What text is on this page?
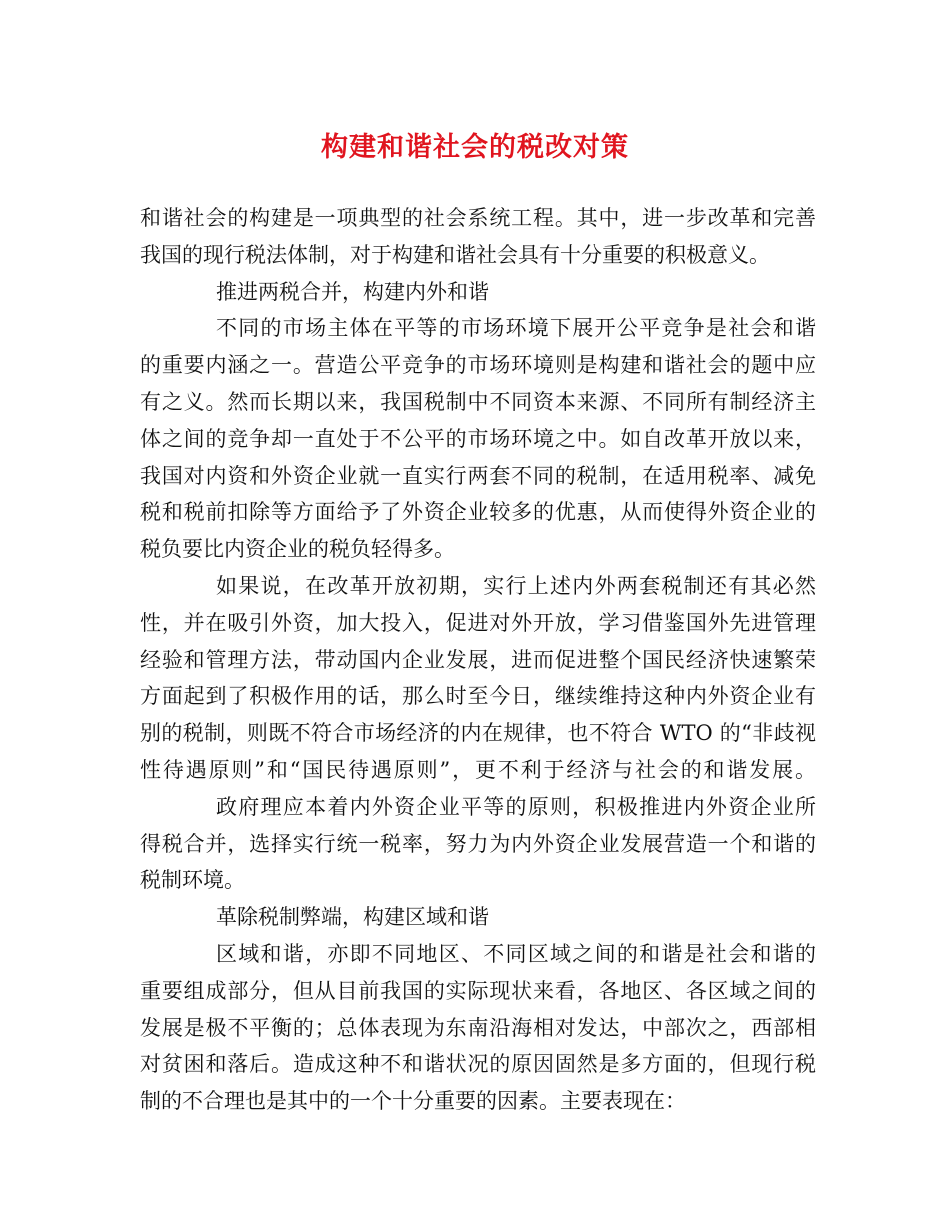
构建和谐社会的税改对策
和谐社会的构建是一项典型的社会系统工程。其中，进一步改革和完善
我国的现行税法体制，对于构建和谐社会具有十分重要的积极意义。
推进两税合并，构建内外和谐
不同的市场主体在平等的市场环境下展开公平竞争是社会和谐
的重要内涵之一。营造公平竞争的市场环境则是构建和谐社会的题中应
有之义。然而长期以来，我国税制中不同资本来源、不同所有制经济主
体之间的竞争却一直处于不公平的市场环境之中。如自改革开放以来，
我国对内资和外资企业就一直实行两套不同的税制，在适用税率、减免
税和税前扣除等方面给予了外资企业较多的优惠，从而使得外资企业的
税负要比内资企业的税负轻得多。
如果说，在改革开放初期，实行上述内外两套税制还有其必然
性，并在吸引外资，加大投入，促进对外开放，学习借鉴国外先进管理
经验和管理方法，带动国内企业发展，进而促进整个国民经济快速繁荣
方面起到了积极作用的话，那么时至今日，继续维持这种内外资企业有
别的税制，则既不符合市场经济的内在规律，也不符合 WTO 的“非歧视
性待遇原则”和“国民待遇原则”，更不利于经济与社会的和谐发展。
政府理应本着内外资企业平等的原则，积极推进内外资企业所
得税合并，选择实行统一税率，努力为内外资企业发展营造一个和谐的
税制环境。
革除税制弊端，构建区域和谐
区域和谐，亦即不同地区、不同区域之间的和谐是社会和谐的
重要组成部分，但从目前我国的实际现状来看，各地区、各区域之间的
发展是极不平衡的；总体表现为东南沿海相对发达，中部次之，西部相
对贫困和落后。造成这种不和谐状况的原因固然是多方面的，但现行税
制的不合理也是其中的一个十分重要的因素。主要表现在：
